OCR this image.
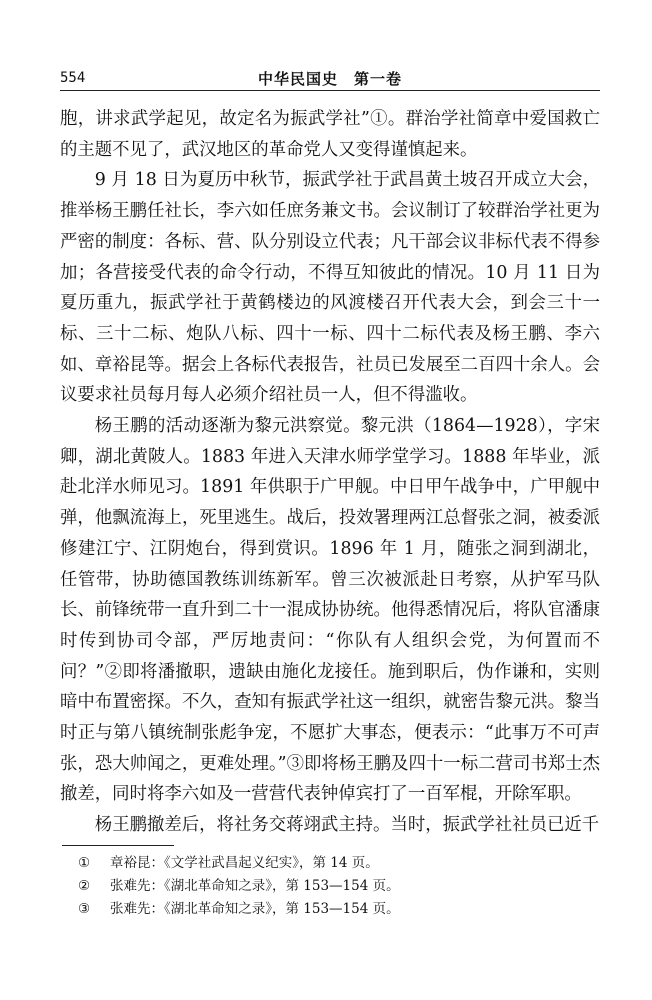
554	中华民国史　第一卷

胞，讲求武学起见，故定名为振武学社”①。群治学社简章中爱国救亡的主题不见了，武汉地区的革命党人又变得谨慎起来。

9 月 18 日为夏历中秋节，振武学社于武昌黄土坡召开成立大会，推举杨王鹏任社长，李六如任庶务兼文书。会议制订了较群治学社更为严密的制度：各标、营、队分别设立代表；凡干部会议非标代表不得参加；各营接受代表的命令行动，不得互知彼此的情况。10 月 11 日为夏历重九，振武学社于黄鹤楼边的风渡楼召开代表大会，到会三十一标、三十二标、炮队八标、四十一标、四十二标代表及杨王鹏、李六如、章裕昆等。据会上各标代表报告，社员已发展至二百四十余人。会议要求社员每月每人必须介绍社员一人，但不得滥收。

杨王鹏的活动逐渐为黎元洪察觉。黎元洪（1864—1928），字宋卿，湖北黄陂人。1883 年进入天津水师学堂学习。1888 年毕业，派赴北洋水师见习。1891 年供职于广甲舰。中日甲午战争中，广甲舰中弹，他飘流海上，死里逃生。战后，投效署理两江总督张之洞，被委派修建江宁、江阴炮台，得到赏识。1896 年 1 月，随张之洞到湖北，任管带，协助德国教练训练新军。曾三次被派赴日考察，从护军马队长、前锋统带一直升到二十一混成协协统。他得悉情况后，将队官潘康时传到协司令部，严厉地责问：“你队有人组织会党，为何置而不问？”②即将潘撤职，遗缺由施化龙接任。施到职后，伪作谦和，实则暗中布置密探。不久，查知有振武学社这一组织，就密告黎元洪。黎当时正与第八镇统制张彪争宠，不愿扩大事态，便表示：“此事万不可声张，恐大帅闻之，更难处理。”③即将杨王鹏及四十一标二营司书郑士杰撤差，同时将李六如及一营营代表钟倬宾打了一百军棍，开除军职。

杨王鹏撤差后，将社务交蒋翊武主持。当时，振武学社社员已近千

①	章裕昆：《文学社武昌起义纪实》，第 14 页。
②	张难先：《湖北革命知之录》，第 153—154 页。
③	张难先：《湖北革命知之录》，第 153—154 页。
